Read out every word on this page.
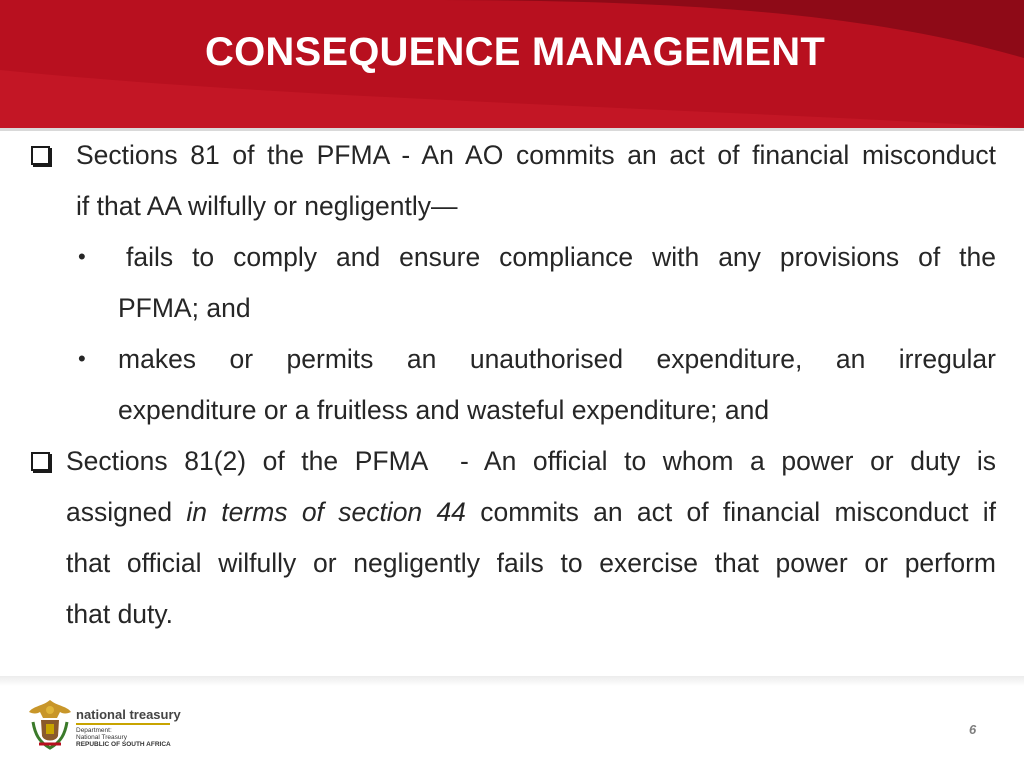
CONSEQUENCE MANAGEMENT
Sections 81 of the PFMA - An AO commits an act of financial misconduct
if that AA wilfully or negligently—
• fails to comply and ensure compliance with any provisions of the
PFMA; and
• makes or permits an unauthorised expenditure, an irregular
expenditure or a fruitless and wasteful expenditure; and
Sections 81(2) of the PFMA  - An official to whom a power or duty is
assigned in terms of section 44 commits an act of financial misconduct if
that official wilfully or negligently fails to exercise that power or perform
that duty.
national treasury
Department:
National Treasury
REPUBLIC OF SOUTH AFRICA
6
